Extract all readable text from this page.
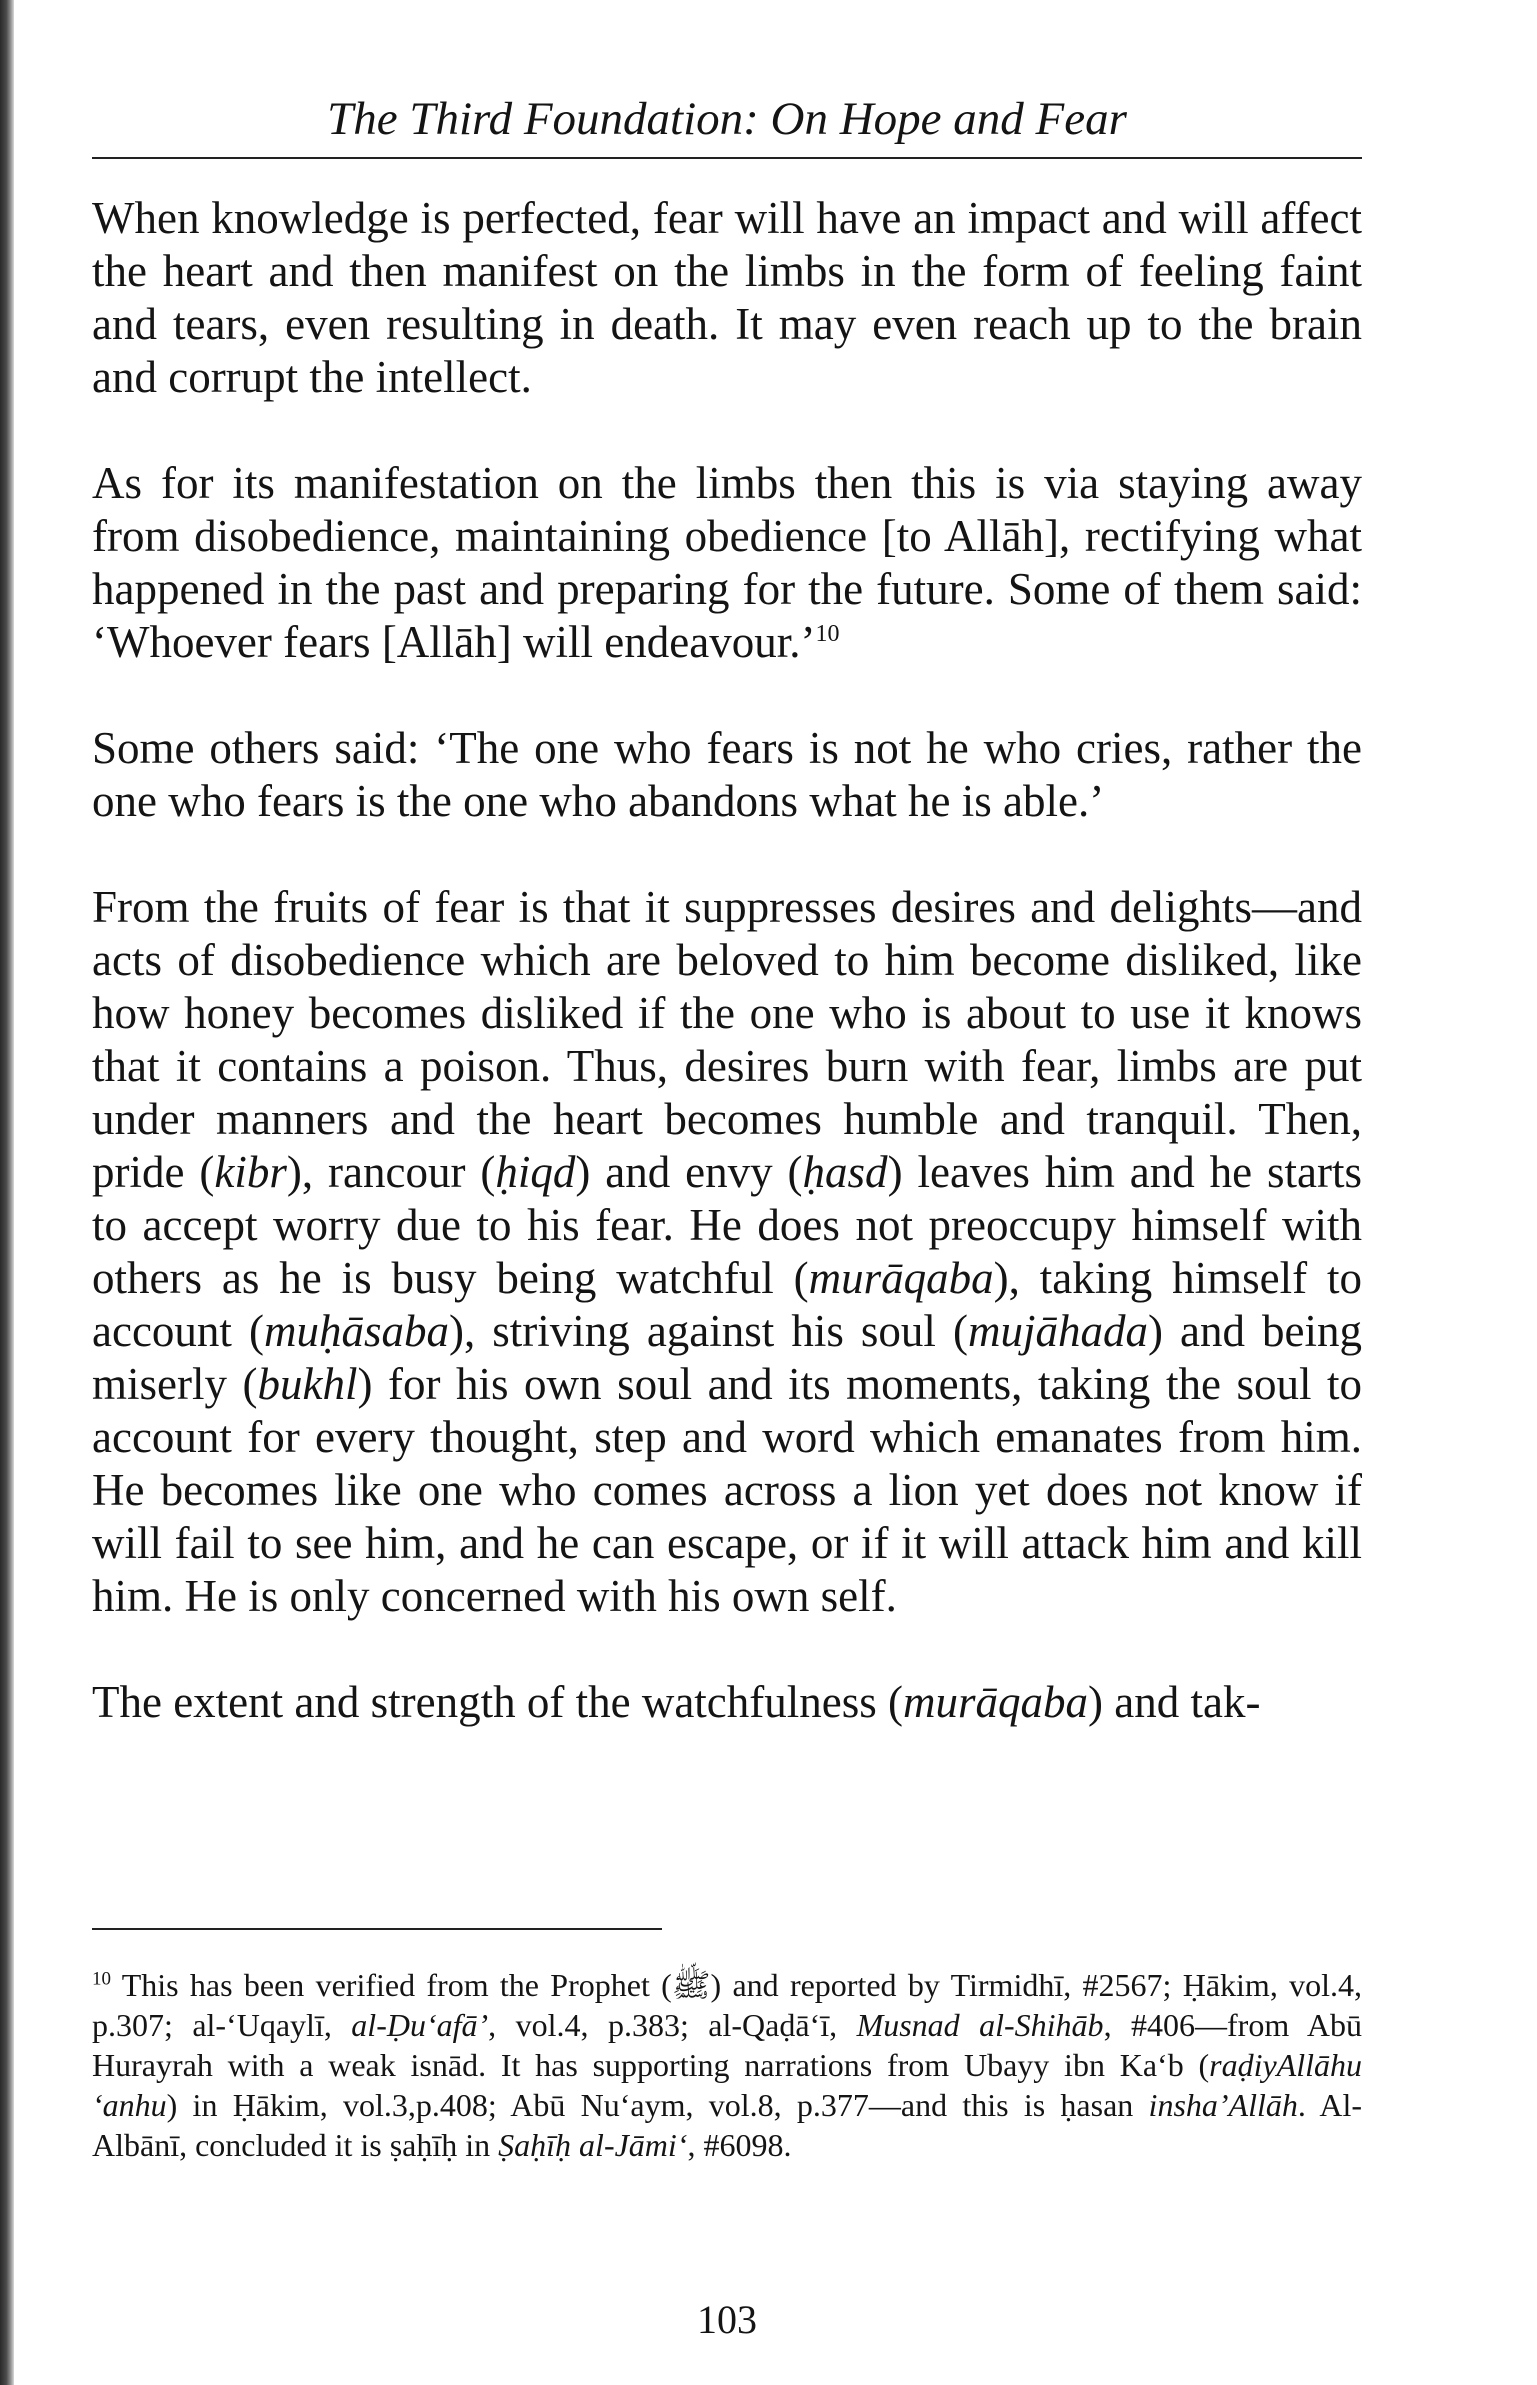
The Third Foundation: On Hope and Fear

When knowledge is perfected, fear will have an impact and will affect the heart and then manifest on the limbs in the form of feeling faint and tears, even resulting in death. It may even reach up to the brain and corrupt the intellect.

As for its manifestation on the limbs then this is via staying away from disobedience, maintaining obedience [to Allāh], rectifying what happened in the past and preparing for the future. Some of them said: ‘Whoever fears [Allāh] will endeavour.’$^{10}$

Some others said: ‘The one who fears is not he who cries, rather the one who fears is the one who abandons what he is able.’

From the fruits of fear is that it suppresses desires and delights—and acts of disobedience which are beloved to him become disliked, like how honey becomes disliked if the one who is about to use it knows that it contains a poison. Thus, desires burn with fear, limbs are put under manners and the heart becomes humble and tranquil. Then, pride (kibr), rancour (ḥiqd) and envy (ḥasd) leaves him and he starts to accept worry due to his fear. He does not preoccupy himself with others as he is busy being watchful (murāqaba), taking himself to account (muḥāsaba), striving against his soul (mujāhada) and being miserly (bukhl) for his own soul and its moments, taking the soul to account for every thought, step and word which emanates from him. He becomes like one who comes across a lion yet does not know if will fail to see him, and he can escape, or if it will attack him and kill him. He is only concerned with his own self.

The extent and strength of the watchfulness (murāqaba) and tak-

$^{10}$ This has been verified from the Prophet (ﷺ) and reported by Tirmidhī, #2567; Ḥākim, vol.4, p.307; al-‘Uqaylī, al-Ḍu‘afā’, vol.4, p.383; al-Qaḍā‘ī, Musnad al-Shihāb, #406—from Abū Hurayrah with a weak isnād. It has supporting narrations from Ubayy ibn Ka‘b (raḍiyAllāhu ‘anhu) in Ḥākim, vol.3,p.408; Abū Nu‘aym, vol.8, p.377—and this is ḥasan insha’Allāh. Al-Albānī, concluded it is ṣaḥīḥ in Ṣaḥīḥ al-Jāmi‘, #6098.
103
